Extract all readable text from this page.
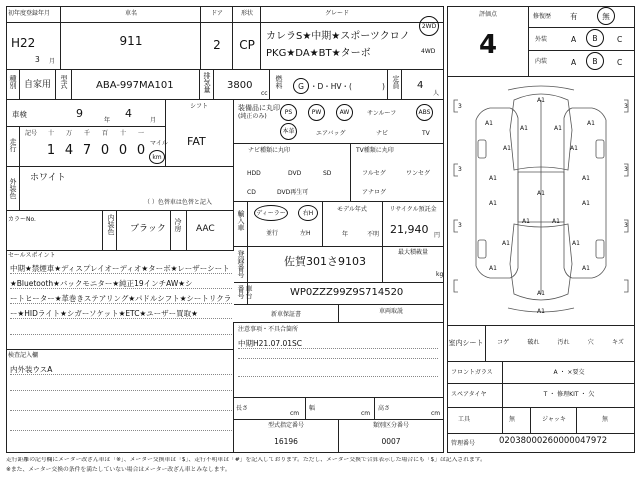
初年度登録年月
H22
3 月
車名
911
ドア
2
形状
CP
グレード
カレラS★中期★スポーツクロノ
PKG★DA★BT★ターボ
2WD
4WD
種別 自家用 型式	ABA-997MA101	排気量 3800
cc
燃料 G ・D・HV・(	) 定員 4
人
車検	9
年
4
月
シフト
FAT
走行
記号	十	万	千	百	十	一
1 4 7 0 0 0 マイル
km
外装色 ホワイト
（ ）色替車は色替と記入
カラーNo.	内装色 ブラック 冷房 AAC
装備品に丸印
(純正のみ)
PS	PW	AW	サンルーフ	ABS
本革	エアバッグ	ナビ	TV
ナビ種類に丸印	TV種類に丸印
HDD	DVD	SD
CD	DVD再生可
フルセグ	ワンセグ
アナログ
輸入車 ディーラー
並行
右H
左H
モデル年式
年	不明
リサイクル預託金
21,940 円
登録番号	佐賀301さ9103
最大積載量
kg
車台番号	WP0ZZZ99Z9S714520
新車保証書	車両取説
セールスポイント
中期★禁煙車★ディスプレイオーディオ★ターボ★レーザーシート
★Bluetooth★バックモニター★純正19インチAW★シ
ートヒーター★革巻きステアリング★パドルシフト★シートリクラ
ー★HIDライト★シガーソケット★ETC★ユーザー買取★
検査記入欄
内外装ウスA
注意事項・不具合箇所
中期H21.07.01SC
長さ
cm
幅
cm
高さ
cm
型式指定番号	類別区分番号
16196	0007
評価点
4
修復歴	有	無
外装	A B	C
内装	A B	C
3
3
3
3
3
3
A1
A1	A1
A1	A1
A1	A1
A1	A1
A1
A1	A1
A1	A1
A1	A1
A1	A1
A1
A1
室内シート コゲ	破れ	汚れ	穴	キズ
フロントガラス	A ・ ×要交
スペアタイヤ	T ・ 修理KIT ・ 欠
工具	無	ジャッキ	無
管理番号	02038000260000047972
走行距離の記号欄にメーター改ざん車は「※」、メーター交換車は「$」、走行不明車は「#」を記入しております。ただし、メーター交換で合算表示した場合にも「$」は記入されます。
※また、メーター交換の条件を満たしていない場合はメーター改ざん車とみなします。
